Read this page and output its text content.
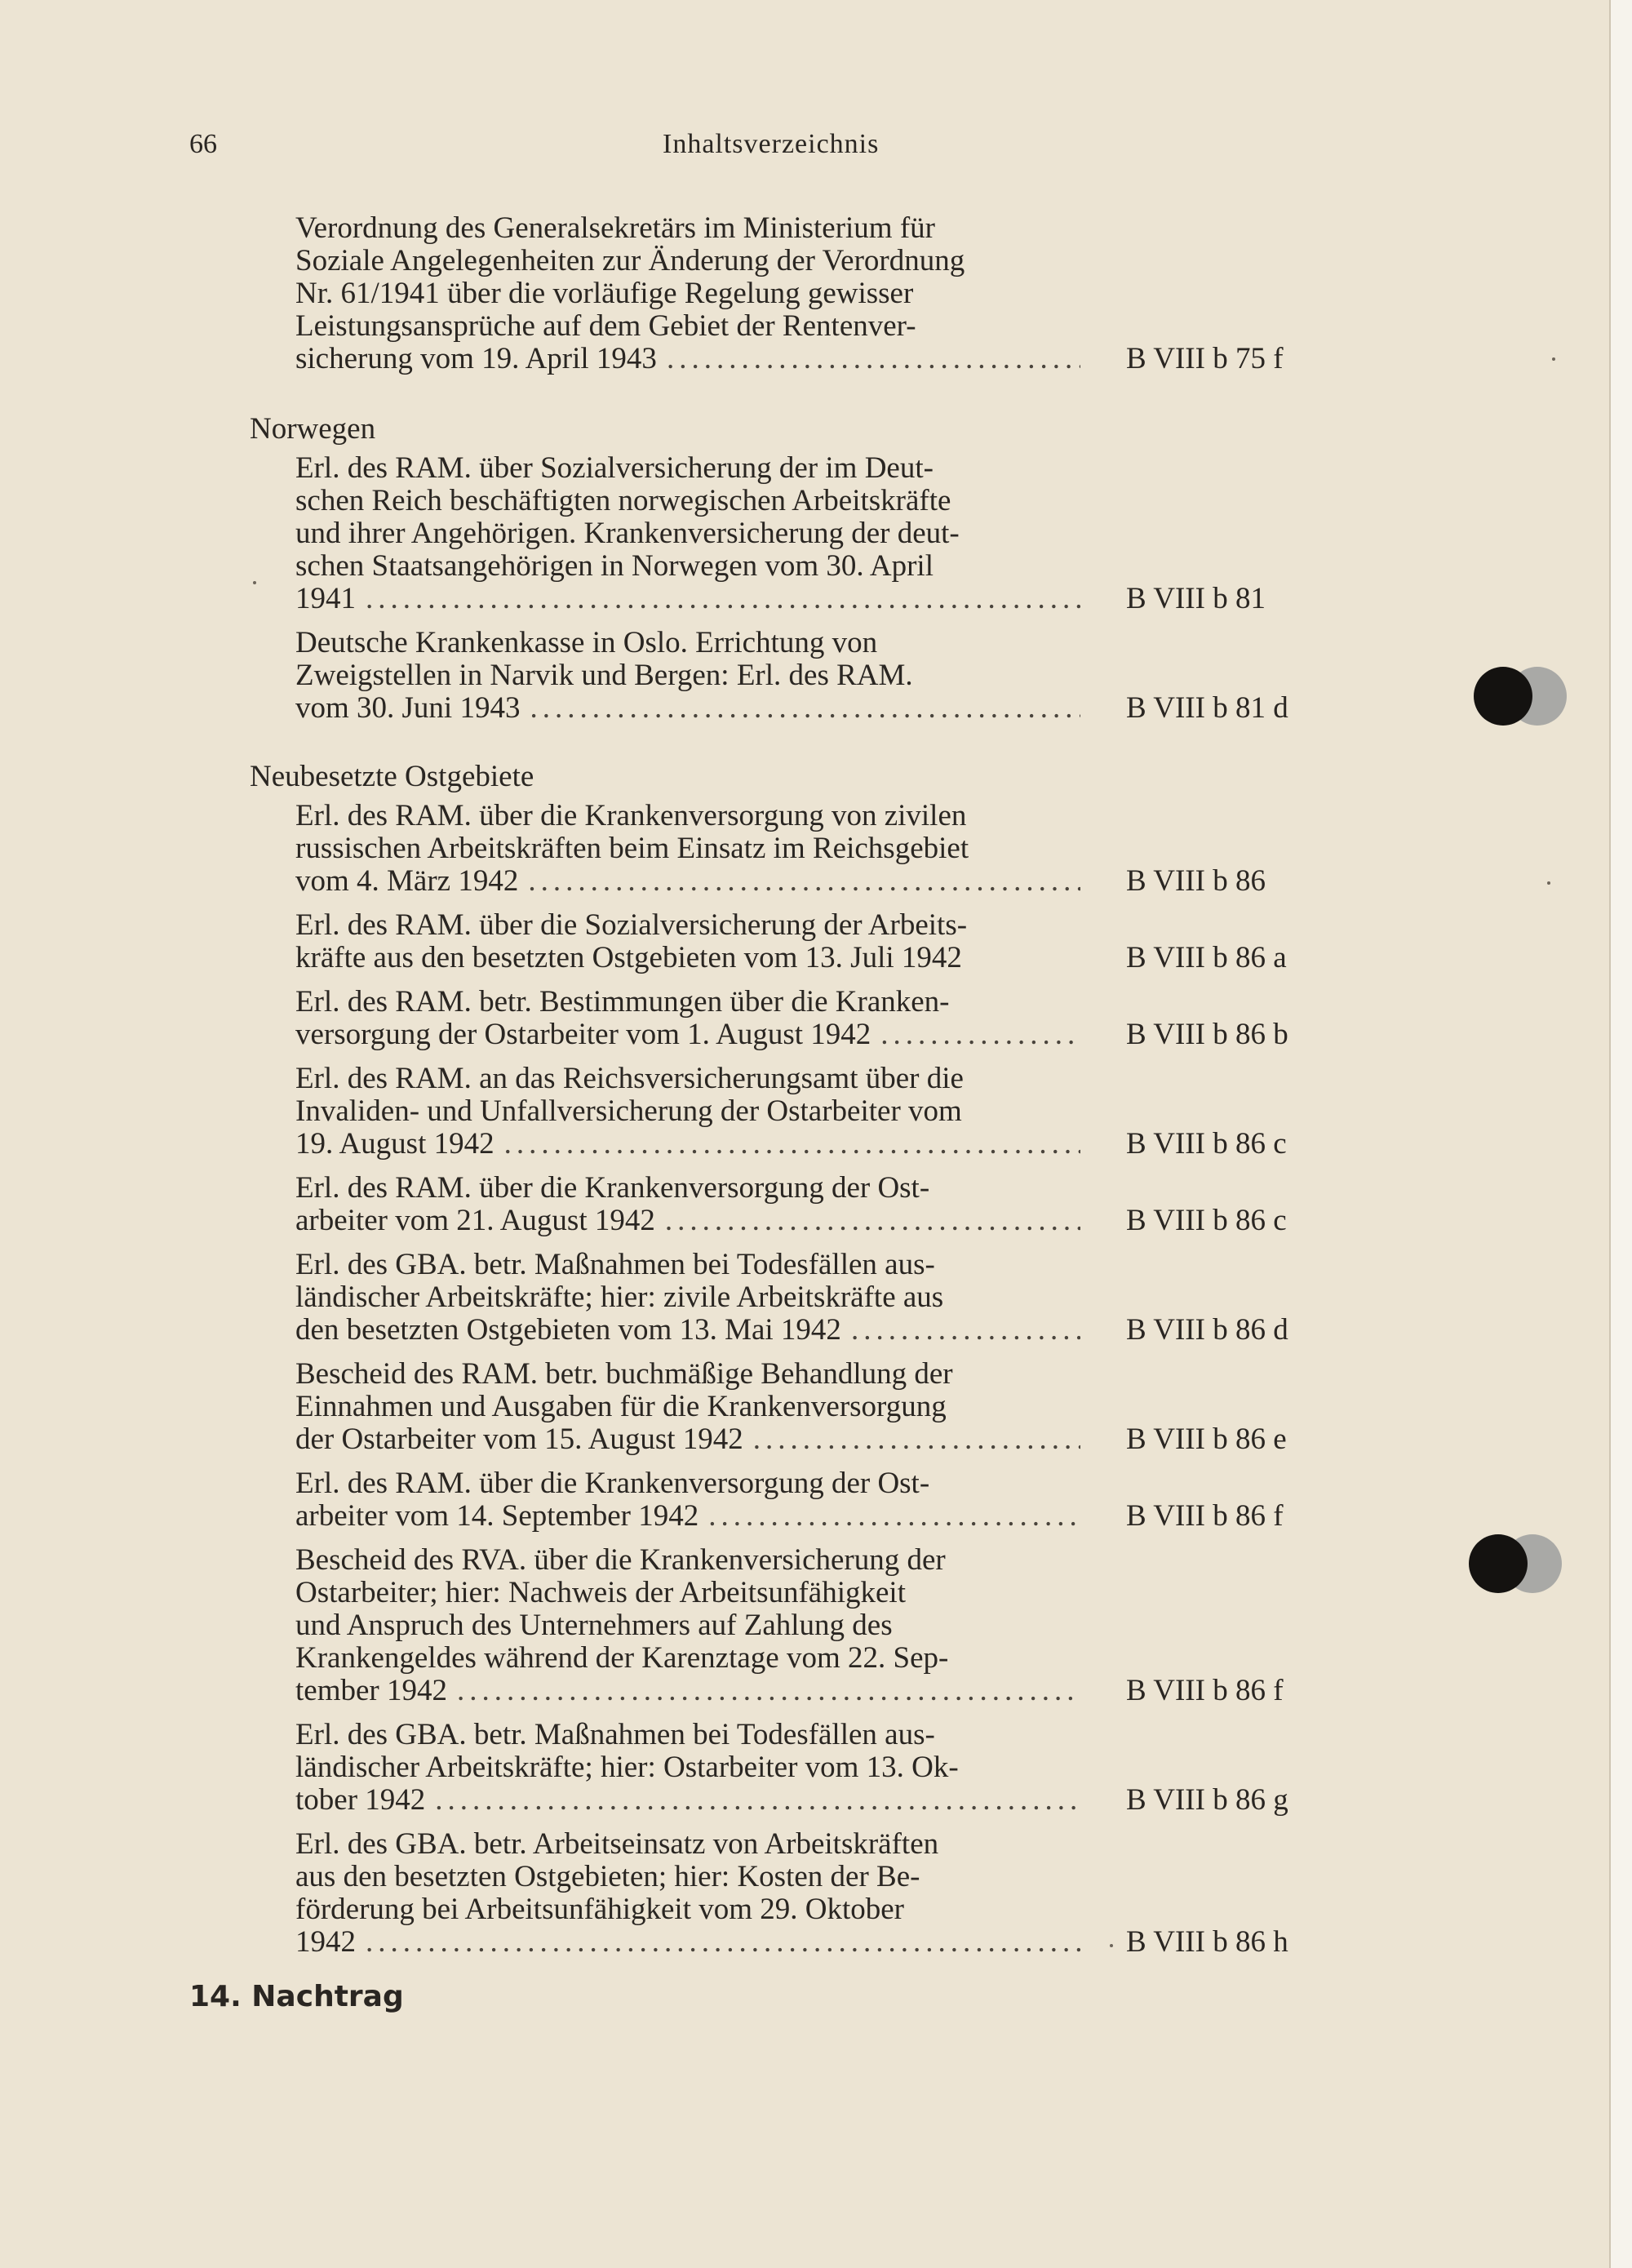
66	Inhaltsverzeichnis
Verordnung des Generalsekretärs im Ministerium für
Soziale Angelegenheiten zur Änderung der Verordnung
Nr. 61/1941 über die vorläufige Regelung gewisser
Leistungsansprüche auf dem Gebiet der Rentenver-
sicherung vom 19. April 1943 .....	B VIII b 75 f
Norwegen
Erl. des RAM. über Sozialversicherung der im Deut-
schen Reich beschäftigten norwegischen Arbeitskräfte
und ihrer Angehörigen. Krankenversicherung der deut-
schen Staatsangehörigen in Norwegen vom 30. April
1941 .....	B VIII b 81
Deutsche Krankenkasse in Oslo. Errichtung von
Zweigstellen in Narvik und Bergen: Erl. des RAM.
vom 30. Juni 1943 .....	B VIII b 81 d
Neubesetzte Ostgebiete
Erl. des RAM. über die Krankenversorgung von zivilen
russischen Arbeitskräften beim Einsatz im Reichsgebiet
vom 4. März 1942 .....	B VIII b 86
Erl. des RAM. über die Sozialversicherung der Arbeits-
kräfte aus den besetzten Ostgebieten vom 13. Juli 1942	B VIII b 86 a
Erl. des RAM. betr. Bestimmungen über die Kranken-
versorgung der Ostarbeiter vom 1. August 1942 .....	B VIII b 86 b
Erl. des RAM. an das Reichsversicherungsamt über die
Invaliden- und Unfallversicherung der Ostarbeiter vom
19. August 1942 .....	B VIII b 86 c
Erl. des RAM. über die Krankenversorgung der Ost-
arbeiter vom 21. August 1942 .....	B VIII b 86 c
Erl. des GBA. betr. Maßnahmen bei Todesfällen aus-
ländischer Arbeitskräfte; hier: zivile Arbeitskräfte aus
den besetzten Ostgebieten vom 13. Mai 1942 .....	B VIII b 86 d
Bescheid des RAM. betr. buchmäßige Behandlung der
Einnahmen und Ausgaben für die Krankenversorgung
der Ostarbeiter vom 15. August 1942 .....	B VIII b 86 e
Erl. des RAM. über die Krankenversorgung der Ost-
arbeiter vom 14. September 1942 .....	B VIII b 86 f
Bescheid des RVA. über die Krankenversicherung der
Ostarbeiter; hier: Nachweis der Arbeitsunfähigkeit
und Anspruch des Unternehmers auf Zahlung des
Krankengeldes während der Karenztage vom 22. Sep-
tember 1942 .....	B VIII b 86 f
Erl. des GBA. betr. Maßnahmen bei Todesfällen aus-
ländischer Arbeitskräfte; hier: Ostarbeiter vom 13. Ok-
tober 1942 .....	B VIII b 86 g
Erl. des GBA. betr. Arbeitseinsatz von Arbeitskräften
aus den besetzten Ostgebieten; hier: Kosten der Be-
förderung bei Arbeitsunfähigkeit vom 29. Oktober
1942 .....	B VIII b 86 h
14. Nachtrag
